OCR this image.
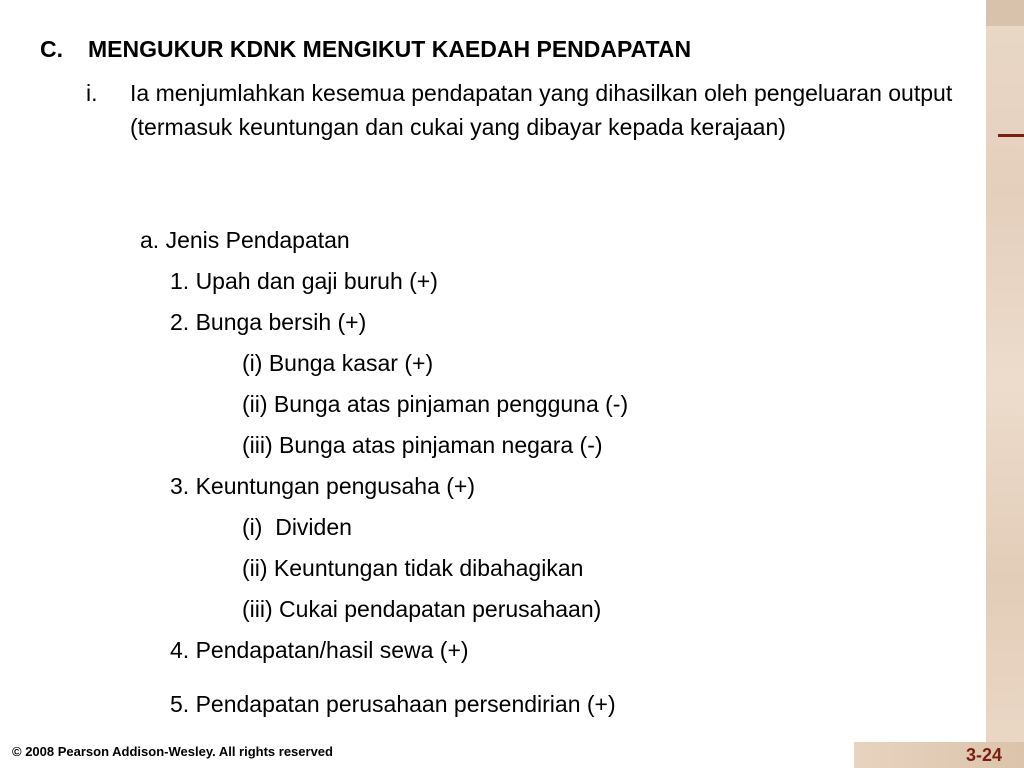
C. MENGUKUR KDNK MENGIKUT KAEDAH PENDAPATAN
i. Ia menjumlahkan kesemua pendapatan yang dihasilkan oleh pengeluaran output (termasuk keuntungan dan cukai yang dibayar kepada kerajaan)
a. Jenis Pendapatan
1. Upah dan gaji buruh (+)
2. Bunga bersih (+)
(i) Bunga kasar (+)
(ii) Bunga atas pinjaman pengguna (-)
(iii) Bunga atas pinjaman negara (-)
3. Keuntungan pengusaha (+)
(i)  Dividen
(ii) Keuntungan tidak dibahagikan
(iii) Cukai pendapatan perusahaan)
4. Pendapatan/hasil sewa (+)
5. Pendapatan perusahaan persendirian (+)
© 2008 Pearson Addison-Wesley. All rights reserved	3-24
